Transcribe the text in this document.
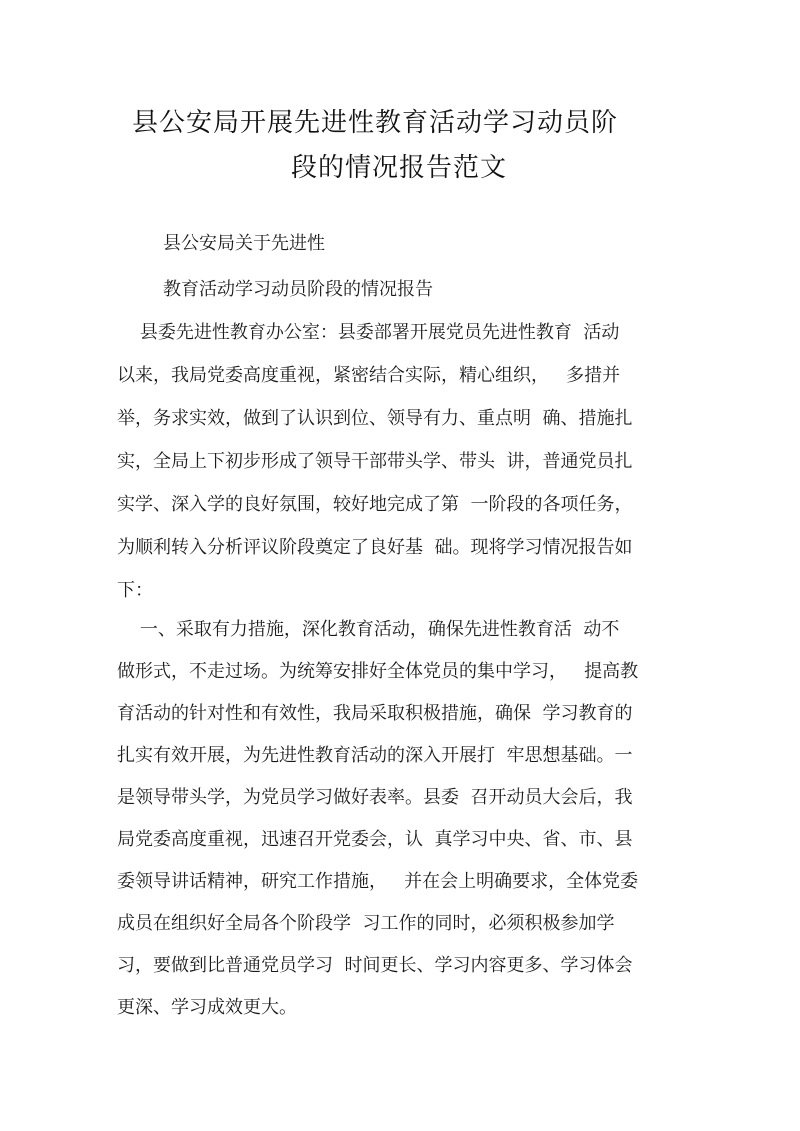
县公安局开展先进性教育活动学习动员阶
段的情况报告范文
县公安局关于先进性
教育活动学习动员阶段的情况报告
县委先进性教育办公室：县委部署开展党员先进性教育  活动
以来，我局党委高度重视，紧密结合实际，精心组织，   多措并
举，务求实效，做到了认识到位、领导有力、重点明  确、措施扎
实，全局上下初步形成了领导干部带头学、带头  讲，普通党员扎
实学、深入学的良好氛围，较好地完成了第  一阶段的各项任务，
为顺利转入分析评议阶段奠定了良好基  础。现将学习情况报告如
下：
一、采取有力措施，深化教育活动，确保先进性教育活  动不
做形式，不走过场。为统筹安排好全体党员的集中学习，   提高教
育活动的针对性和有效性，我局采取积极措施，确保  学习教育的
扎实有效开展，为先进性教育活动的深入开展打  牢思想基础。一
是领导带头学，为党员学习做好表率。县委  召开动员大会后，我
局党委高度重视，迅速召开党委会，认  真学习中央、省、市、县
委领导讲话精神，研究工作措施，   并在会上明确要求，全体党委
成员在组织好全局各个阶段学  习工作的同时，必须积极参加学
习，要做到比普通党员学习  时间更长、学习内容更多、学习体会
更深、学习成效更大。
